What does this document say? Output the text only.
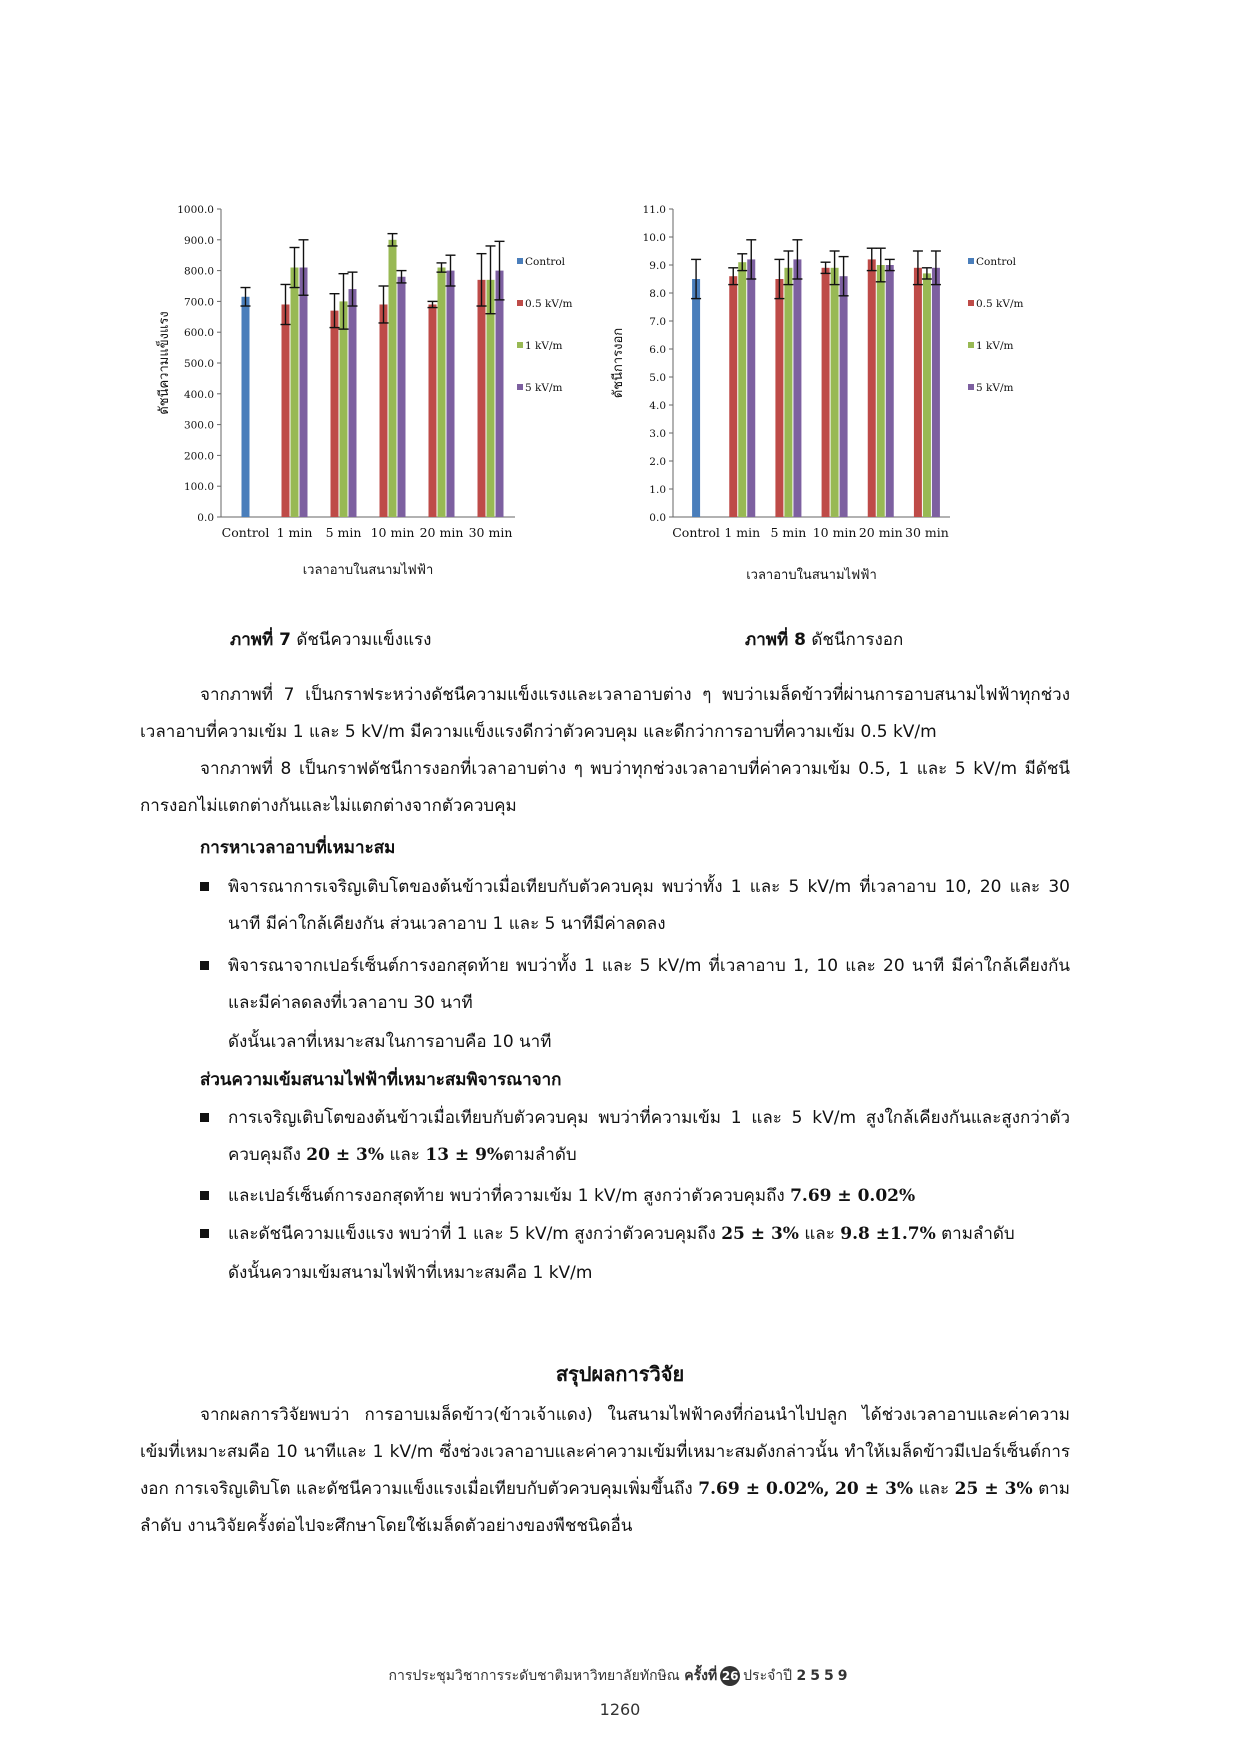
0.0
100.0
200.0
300.0
400.0
500.0
600.0
700.0
800.0
900.0
1000.0
Control 1 min 5 min 10 min 20 min 30 min
Control
0.5 kV/m
1 kV/m
5 kV/m
ดัชนีความแข็งแรง
เวลาอาบในสนามไฟฟ้า
0.0
1.0
2.0
3.0
4.0
5.0
6.0
7.0
8.0
9.0
10.0
11.0
Control 1 min 5 min 10 min 20 min 30 min
Control
0.5 kV/m
1 kV/m
5 kV/m
ดัชนีการงอก
เวลาอาบในสนามไฟฟ้า
ภาพที่ 7 ดัชนีความแข็งแรง	ภาพที่ 8 ดัชนีการงอก
จากภาพที่ 7 เป็นกราฟระหว่างดัชนีความแข็งแรงและเวลาอาบต่าง ๆ พบว่าเมล็ดข้าวที่ผ่านการอาบสนามไฟฟ้าทุกช่วงเวลาอาบที่ความเข้ม 1 และ 5 kV/m มีความแข็งแรงดีกว่าตัวควบคุม และดีกว่าการอาบที่ความเข้ม 0.5 kV/m
จากภาพที่ 8 เป็นกราฟดัชนีการงอกที่เวลาอาบต่าง ๆ พบว่าทุกช่วงเวลาอาบที่ค่าความเข้ม 0.5, 1 และ 5 kV/m มีดัชนีการงอกไม่แตกต่างกันและไม่แตกต่างจากตัวควบคุม
การหาเวลาอาบที่เหมาะสม
พิจารณาการเจริญเติบโตของต้นข้าวเมื่อเทียบกับตัวควบคุม พบว่าทั้ง 1 และ 5 kV/m ที่เวลาอาบ 10, 20 และ 30 นาที มีค่าใกล้เคียงกัน ส่วนเวลาอาบ 1 และ 5 นาทีมีค่าลดลง
พิจารณาจากเปอร์เซ็นต์การงอกสุดท้าย พบว่าทั้ง 1 และ 5 kV/m ที่เวลาอาบ 1, 10 และ 20 นาที มีค่าใกล้เคียงกัน และมีค่าลดลงที่เวลาอาบ 30 นาที
ดังนั้นเวลาที่เหมาะสมในการอาบคือ 10 นาที
ส่วนความเข้มสนามไฟฟ้าที่เหมาะสมพิจารณาจาก
การเจริญเติบโตของต้นข้าวเมื่อเทียบกับตัวควบคุม พบว่าที่ความเข้ม 1 และ 5 kV/m สูงใกล้เคียงกันและสูงกว่าตัวควบคุมถึง 20 ± 3% และ 13 ± 9%ตามลำดับ
และเปอร์เซ็นต์การงอกสุดท้าย พบว่าที่ความเข้ม 1 kV/m สูงกว่าตัวควบคุมถึง 7.69 ± 0.02%
และดัชนีความแข็งแรง พบว่าที่ 1 และ 5 kV/m สูงกว่าตัวควบคุมถึง 25 ± 3% และ 9.8 ±1.7% ตามลำดับ
ดังนั้นความเข้มสนามไฟฟ้าที่เหมาะสมคือ 1 kV/m
สรุปผลการวิจัย
จากผลการวิจัยพบว่า การอาบเมล็ดข้าว(ข้าวเจ้าแดง) ในสนามไฟฟ้าคงที่ก่อนนำไปปลูก ได้ช่วงเวลาอาบและค่าความเข้มที่เหมาะสมคือ 10 นาทีและ 1 kV/m ซึ่งช่วงเวลาอาบและค่าความเข้มที่เหมาะสมดังกล่าวนั้น ทำให้เมล็ดข้าวมีเปอร์เซ็นต์การงอก การเจริญเติบโต และดัชนีความแข็งแรงเมื่อเทียบกับตัวควบคุมเพิ่มขึ้นถึง 7.69 ± 0.02%, 20 ± 3% และ 25 ± 3% ตามลำดับ งานวิจัยครั้งต่อไปจะศึกษาโดยใช้เมล็ดตัวอย่างของพืชชนิดอื่น
การประชุมวิชาการระดับชาติมหาวิทยาลัยทักษิณ ครั้งที่ 26 ประจำปี 2559
1260
